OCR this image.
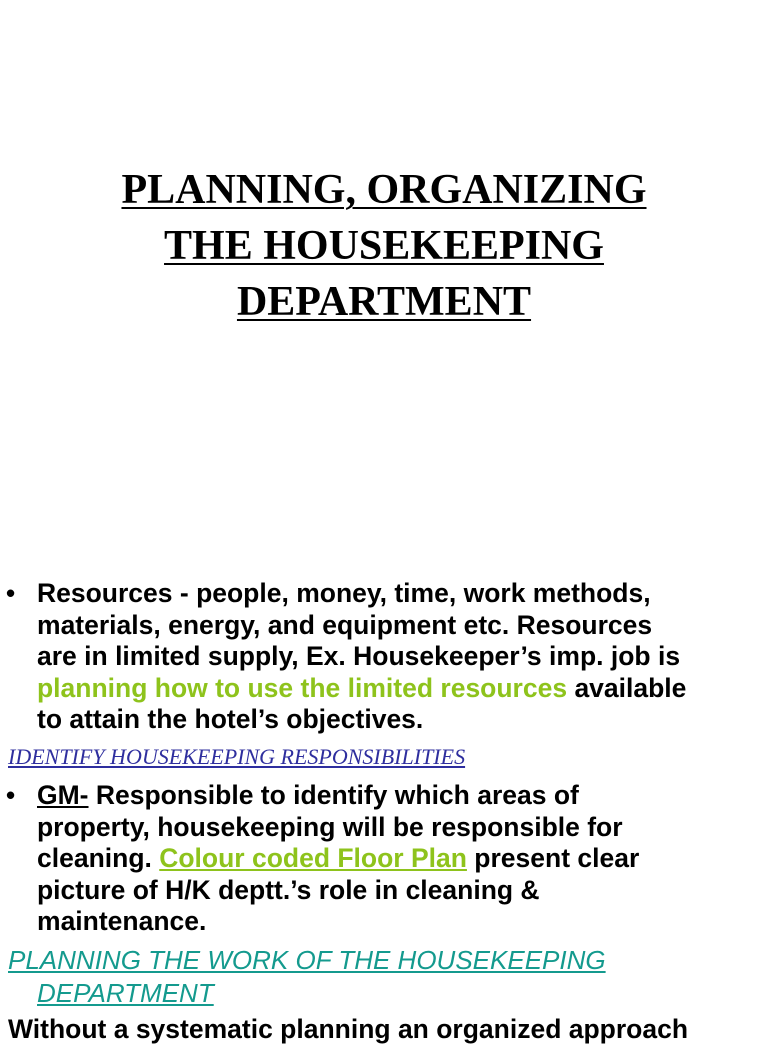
PLANNING, ORGANIZING
THE HOUSEKEEPING
DEPARTMENT
• Resources - people, money, time, work methods,
materials, energy, and equipment etc. Resources
are in limited supply, Ex. Housekeeper’s imp. job is
planning how to use the limited resources available
to attain the hotel’s objectives.
IDENTIFY HOUSEKEEPING RESPONSIBILITIES
• GM- Responsible to identify which areas of
property, housekeeping will be responsible for
cleaning. Colour coded Floor Plan present clear
picture of H/K deptt.’s role in cleaning &
maintenance.
PLANNING THE WORK OF THE HOUSEKEEPING
DEPARTMENT
Without a systematic planning an organized approach
